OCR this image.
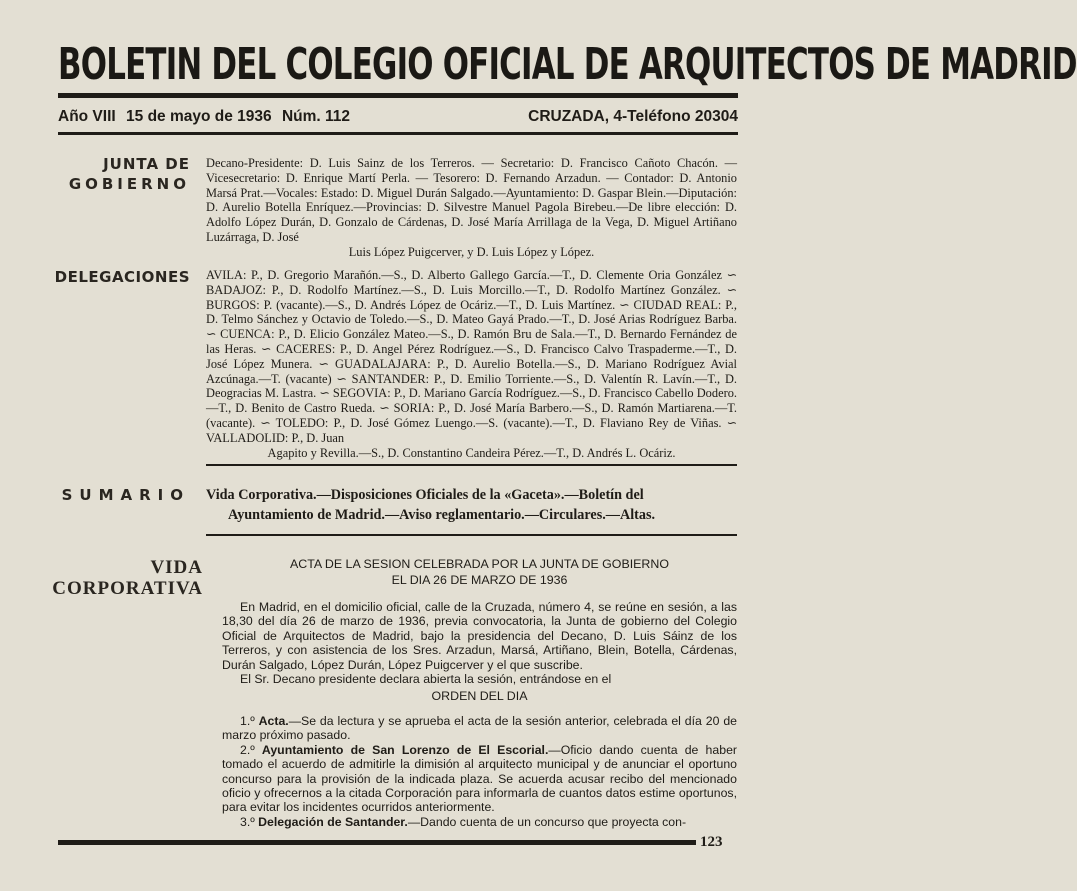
BOLETIN DEL COLEGIO OFICIAL DE ARQUITECTOS DE MADRID
Año VIII 15 de mayo de 1936 Núm. 112	CRUZADA, 4-Teléfono 20304
JUNTA DE
GOBIERNO
Decano-Presidente: D. Luis Sainz de los Terreros. — Secretario: D. Francisco Cañoto Chacón. — Vicesecretario: D. Enrique Martí Perla. — Tesorero: D. Fernando Arzadun. — Contador: D. Antonio Marsá Prat.—Vocales: Estado: D. Miguel Durán Salgado.—Ayuntamiento: D. Gaspar Blein.—Diputación: D. Aurelio Botella Enríquez.—Provincias: D. Silvestre Manuel Pagola Birebeu.—De libre elección: D. Adolfo López Durán, D. Gonzalo de Cárdenas, D. José María Arrillaga de la Vega, D. Miguel Artiñano Luzárraga, D. José
Luis López Puigcerver, y D. Luis López y López.
DELEGACIONES AVILA: P., D. Gregorio Marañón.—S., D. Alberto Gallego García.—T., D. Clemente Oria González ∽ BADAJOZ: P., D. Rodolfo Martínez.—S., D. Luis Morcillo.—T., D. Rodolfo Martínez González. ∽ BURGOS: P. (vacante).—S., D. Andrés López de Ocáriz.—T., D. Luis Martínez. ∽ CIUDAD REAL: P., D. Telmo Sánchez y Octavio de Toledo.—S., D. Mateo Gayá Prado.—T., D. José Arias Rodríguez Barba. ∽ CUENCA: P., D. Elicio González Mateo.—S., D. Ramón Bru de Sala.—T., D. Bernardo Fernández de las Heras. ∽ CACERES: P., D. Angel Pérez Rodríguez.—S., D. Francisco Calvo Traspaderme.—T., D. José López Munera. ∽ GUADALAJARA: P., D. Aurelio Botella.—S., D. Mariano Rodríguez Avial Azcúnaga.—T. (vacante) ∽ SANTANDER: P., D. Emilio Torriente.—S., D. Valentín R. Lavín.—T., D. Deogracias M. Lastra. ∽ SEGOVIA: P., D. Mariano García Rodríguez.—S., D. Francisco Cabello Dodero.—T., D. Benito de Castro Rueda. ∽ SORIA: P., D. José María Barbero.—S., D. Ramón Martiarena.—T. (vacante). ∽ TOLEDO: P., D. José Gómez Luengo.—S. (vacante).—T., D. Flaviano Rey de Viñas. ∽ VALLADOLID: P., D. Juan
Agapito y Revilla.—S., D. Constantino Candeira Pérez.—T., D. Andrés L. Ocáriz.
SUMARIO Vida Corporativa.—Disposiciones Oficiales de la «Gaceta».—Boletín del
Ayuntamiento de Madrid.—Aviso reglamentario.—Circulares.—Altas.
VIDA
CORPORATIVA
ACTA DE LA SESION CELEBRADA POR LA JUNTA DE GOBIERNO
EL DIA 26 DE MARZO DE 1936

En Madrid, en el domicilio oficial, calle de la Cruzada, número 4, se reúne en sesión, a las 18,30 del día 26 de marzo de 1936, previa convocatoria, la Junta de gobierno del Colegio Oficial de Arquitectos de Madrid, bajo la presidencia del Decano, D. Luis Sáinz de los Terreros, y con asistencia de los Sres. Arzadun, Marsá, Artiñano, Blein, Botella, Cárdenas, Durán Salgado, López Durán, López Puigcerver y el que suscribe.

El Sr. Decano presidente declara abierta la sesión, entrándose en el

ORDEN DEL DIA

1.º Acta.—Se da lectura y se aprueba el acta de la sesión anterior, celebrada el día 20 de marzo próximo pasado.

2.º Ayuntamiento de San Lorenzo de El Escorial.—Oficio dando cuenta de haber tomado el acuerdo de admitirle la dimisión al arquitecto municipal y de anunciar el oportuno concurso para la provisión de la indicada plaza. Se acuerda acusar recibo del mencionado oficio y ofrecernos a la citada Corporación para informarla de cuantos datos estime oportunos, para evitar los incidentes ocurridos anteriormente.

3.º Delegación de Santander.—Dando cuenta de un concurso que proyecta con-

123
